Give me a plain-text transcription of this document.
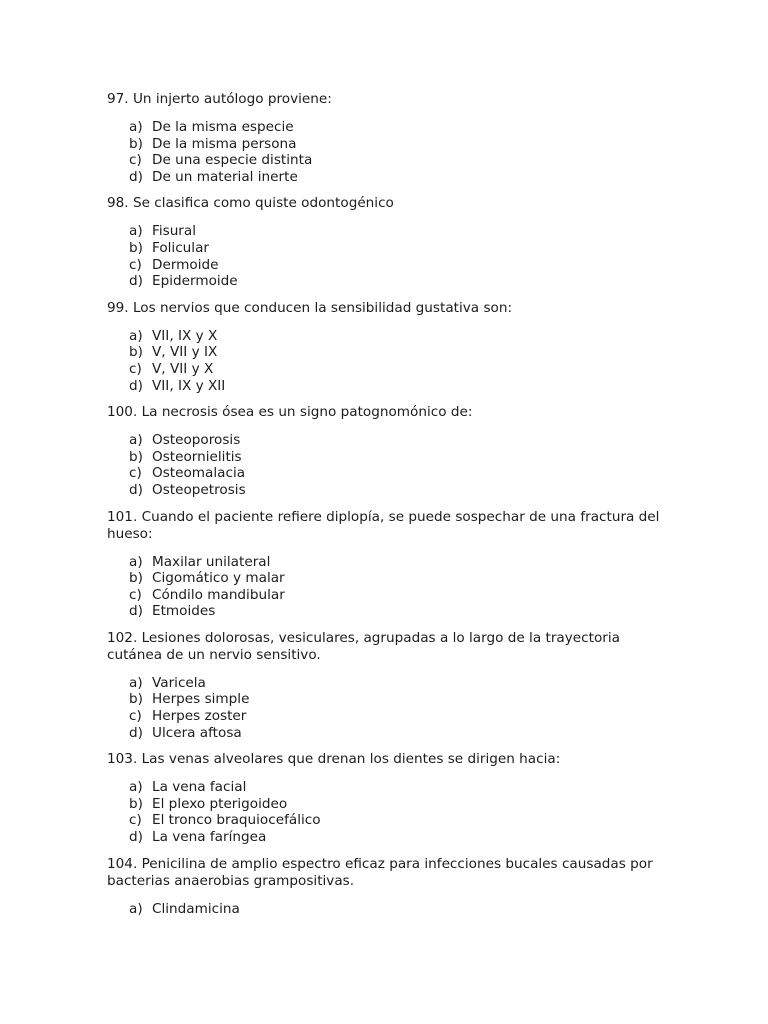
97. Un injerto autólogo proviene:
a) De la misma especie
b) De la misma persona
c) De una especie distinta
d) De un material inerte
98. Se clasifica como quiste odontogénico
a) Fisural
b) Folicular
c) Dermoide
d) Epidermoide
99. Los nervios que conducen la sensibilidad gustativa son:
a) VII, IX y X
b) V, VII y IX
c) V, VII y X
d) VII, IX y XII
100. La necrosis ósea es un signo patognomónico de:
a) Osteoporosis
b) Osteornielitis
c) Osteomalacia
d) Osteopetrosis
101. Cuando el paciente refiere diplopía, se puede sospechar de una fractura del hueso:
a) Maxilar unilateral
b) Cigomático y malar
c) Cóndilo mandibular
d) Etmoides
102. Lesiones dolorosas, vesiculares, agrupadas a lo largo de la trayectoria cutánea de un nervio sensitivo.
a) Varicela
b) Herpes simple
c) Herpes zoster
d) Ulcera aftosa
103. Las venas alveolares que drenan los dientes se dirigen hacia:
a) La vena facial
b) El plexo pterigoideo
c) El tronco braquiocefálico
d) La vena faríngea
104. Penicilina de amplio espectro eficaz para infecciones bucales causadas por bacterias anaerobias grampositivas.
a) Clindamicina
